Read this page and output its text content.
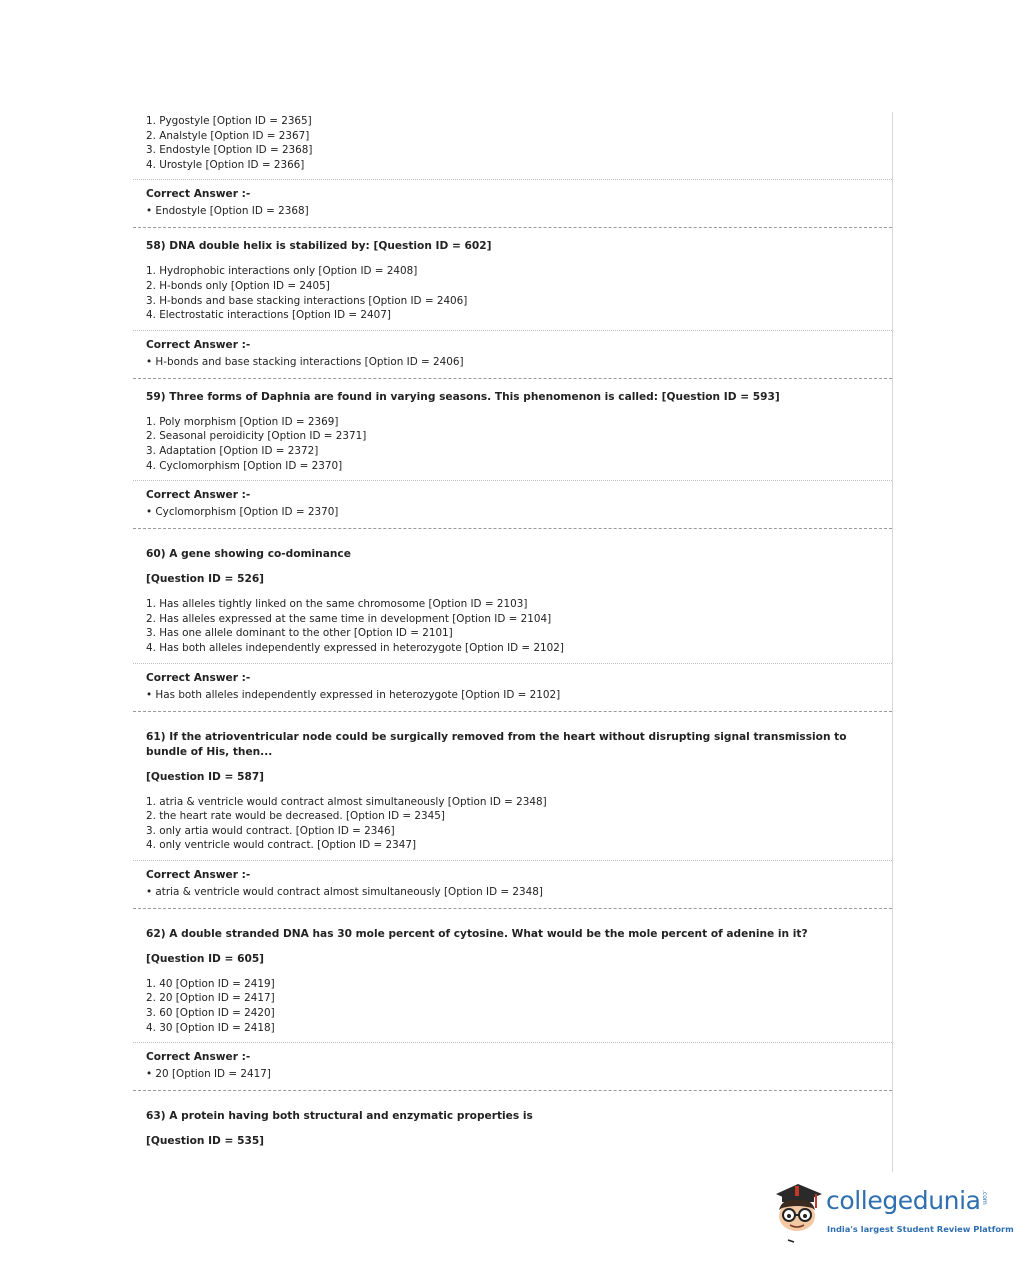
1. Pygostyle [Option ID = 2365]
2. Analstyle [Option ID = 2367]
3. Endostyle [Option ID = 2368]
4. Urostyle [Option ID = 2366]
Correct Answer :-
• Endostyle [Option ID = 2368]
58) DNA double helix is stabilized by: [Question ID = 602]
1. Hydrophobic interactions only [Option ID = 2408]
2. H-bonds only [Option ID = 2405]
3. H-bonds and base stacking interactions [Option ID = 2406]
4. Electrostatic interactions [Option ID = 2407]
Correct Answer :-
• H-bonds and base stacking interactions [Option ID = 2406]
59) Three forms of Daphnia are found in varying seasons. This phenomenon is called: [Question ID = 593]
1. Poly morphism [Option ID = 2369]
2. Seasonal peroidicity [Option ID = 2371]
3. Adaptation [Option ID = 2372]
4. Cyclomorphism [Option ID = 2370]
Correct Answer :-
• Cyclomorphism [Option ID = 2370]
60) A gene showing co-dominance
[Question ID = 526]
1. Has alleles tightly linked on the same chromosome [Option ID = 2103]
2. Has alleles expressed at the same time in development [Option ID = 2104]
3. Has one allele dominant to the other [Option ID = 2101]
4. Has both alleles independently expressed in heterozygote [Option ID = 2102]
Correct Answer :-
• Has both alleles independently expressed in heterozygote [Option ID = 2102]
61) If the atrioventricular node could be surgically removed from the heart without disrupting signal transmission to bundle of His, then...
[Question ID = 587]
1. atria & ventricle would contract almost simultaneously [Option ID = 2348]
2. the heart rate would be decreased. [Option ID = 2345]
3. only artia would contract. [Option ID = 2346]
4. only ventricle would contract. [Option ID = 2347]
Correct Answer :-
• atria & ventricle would contract almost simultaneously [Option ID = 2348]
62) A double stranded DNA has 30 mole percent of cytosine. What would be the mole percent of adenine in it?
[Question ID = 605]
1. 40 [Option ID = 2419]
2. 20 [Option ID = 2417]
3. 60 [Option ID = 2420]
4. 30 [Option ID = 2418]
Correct Answer :-
• 20 [Option ID = 2417]
63) A protein having both structural and enzymatic properties is
[Question ID = 535]
collegedunia .com
India's largest Student Review Platform
